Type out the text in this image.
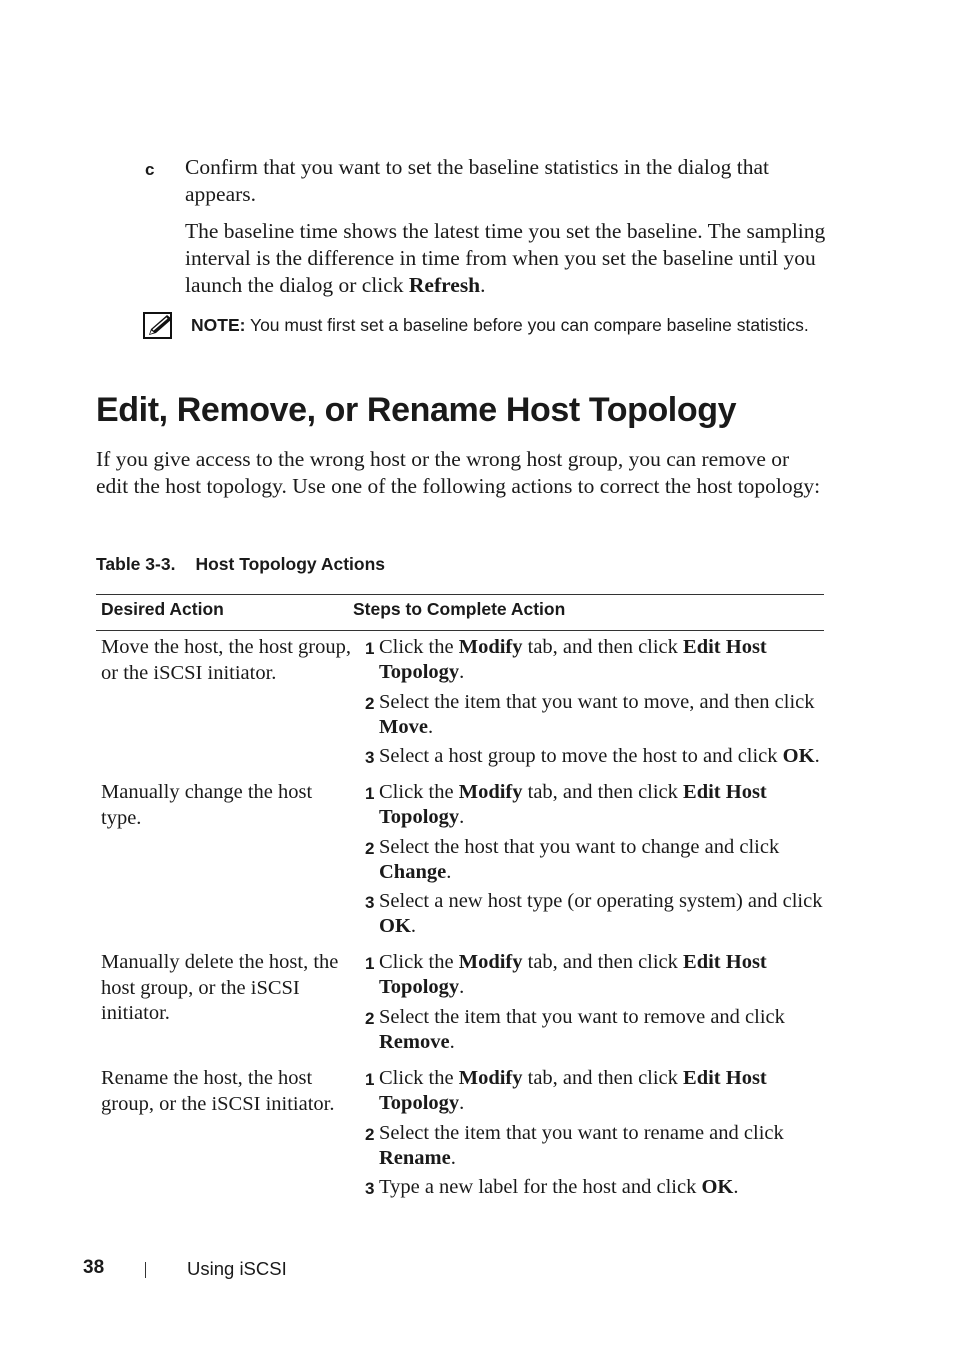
c Confirm that you want to set the baseline statistics in the dialog that appears.
The baseline time shows the latest time you set the baseline. The sampling interval is the difference in time from when you set the baseline until you launch the dialog or click Refresh.
NOTE: You must first set a baseline before you can compare baseline statistics.
Edit, Remove, or Rename Host Topology
If you give access to the wrong host or the wrong host group, you can remove or edit the host topology. Use one of the following actions to correct the host topology:
Table 3-3. Host Topology Actions
Desired Action	Steps to Complete Action
Move the host, the host group, or the iSCSI initiator.
1 Click the Modify tab, and then click Edit Host Topology.
2 Select the item that you want to move, and then click Move.
3 Select a host group to move the host to and click OK.
Manually change the host type.
1 Click the Modify tab, and then click Edit Host Topology.
2 Select the host that you want to change and click Change.
3 Select a new host type (or operating system) and click OK.
Manually delete the host, the host group, or the iSCSI initiator.
1 Click the Modify tab, and then click Edit Host Topology.
2 Select the item that you want to remove and click Remove.
Rename the host, the host group, or the iSCSI initiator.
1 Click the Modify tab, and then click Edit Host Topology.
2 Select the item that you want to rename and click Rename.
3 Type a new label for the host and click OK.
38	Using iSCSI
